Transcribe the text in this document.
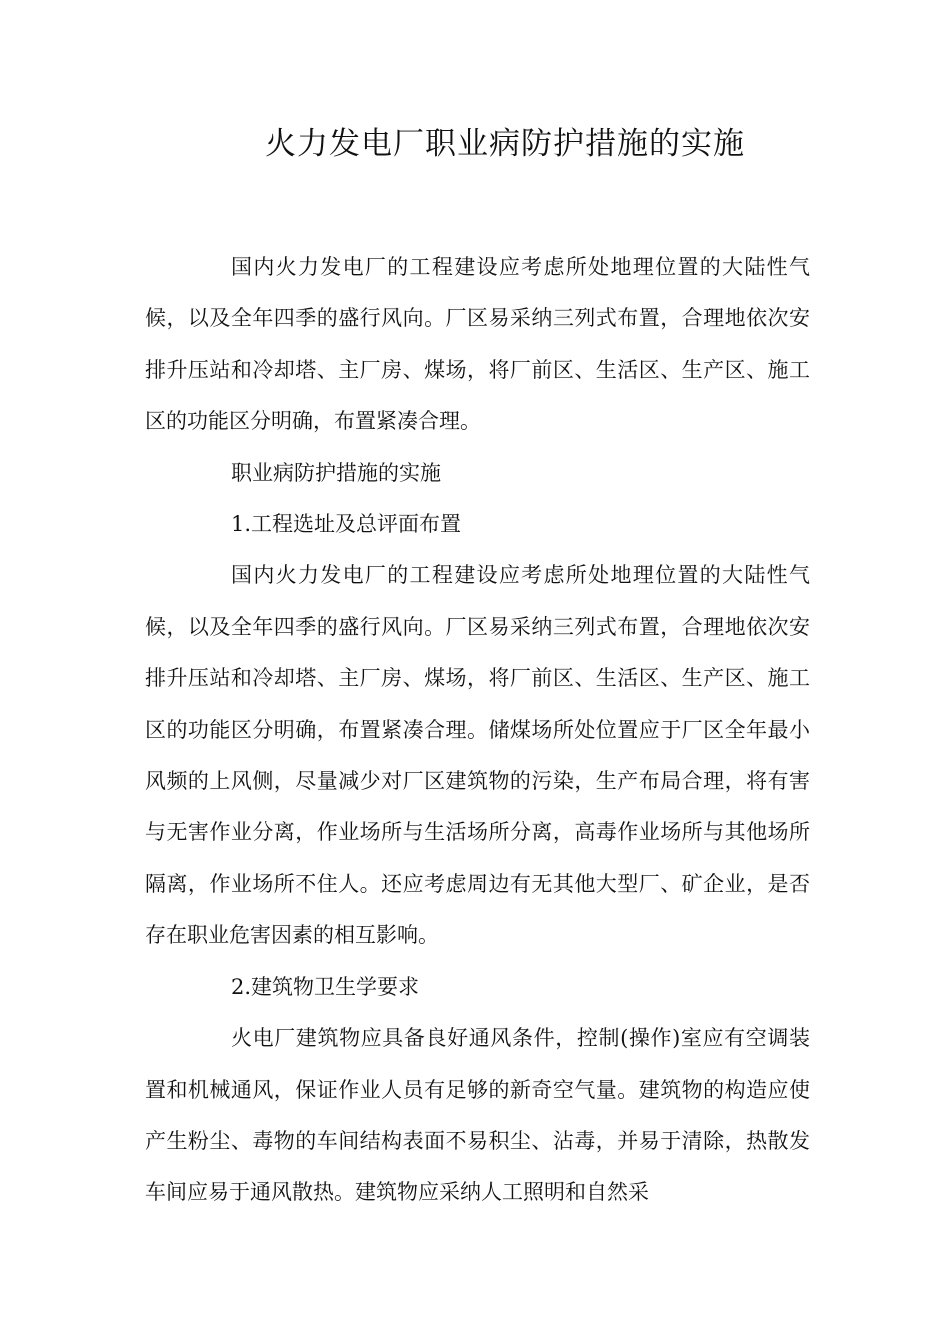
火力发电厂职业病防护措施的实施

国内火力发电厂的工程建设应考虑所处地理位置的大陆性气候，以及全年四季的盛行风向。厂区易采纳三列式布置，合理地依次安排升压站和冷却塔、主厂房、煤场，将厂前区、生活区、生产区、施工区的功能区分明确，布置紧凑合理。

职业病防护措施的实施

1.工程选址及总评面布置

国内火力发电厂的工程建设应考虑所处地理位置的大陆性气候，以及全年四季的盛行风向。厂区易采纳三列式布置，合理地依次安排升压站和冷却塔、主厂房、煤场，将厂前区、生活区、生产区、施工区的功能区分明确，布置紧凑合理。储煤场所处位置应于厂区全年最小风频的上风侧，尽量减少对厂区建筑物的污染，生产布局合理，将有害与无害作业分离，作业场所与生活场所分离，高毒作业场所与其他场所隔离，作业场所不住人。还应考虑周边有无其他大型厂、矿企业，是否存在职业危害因素的相互影响。

2.建筑物卫生学要求

火电厂建筑物应具备良好通风条件，控制(操作)室应有空调装置和机械通风，保证作业人员有足够的新奇空气量。建筑物的构造应使产生粉尘、毒物的车间结构表面不易积尘、沾毒，并易于清除，热散发车间应易于通风散热。建筑物应采纳人工照明和自然采
